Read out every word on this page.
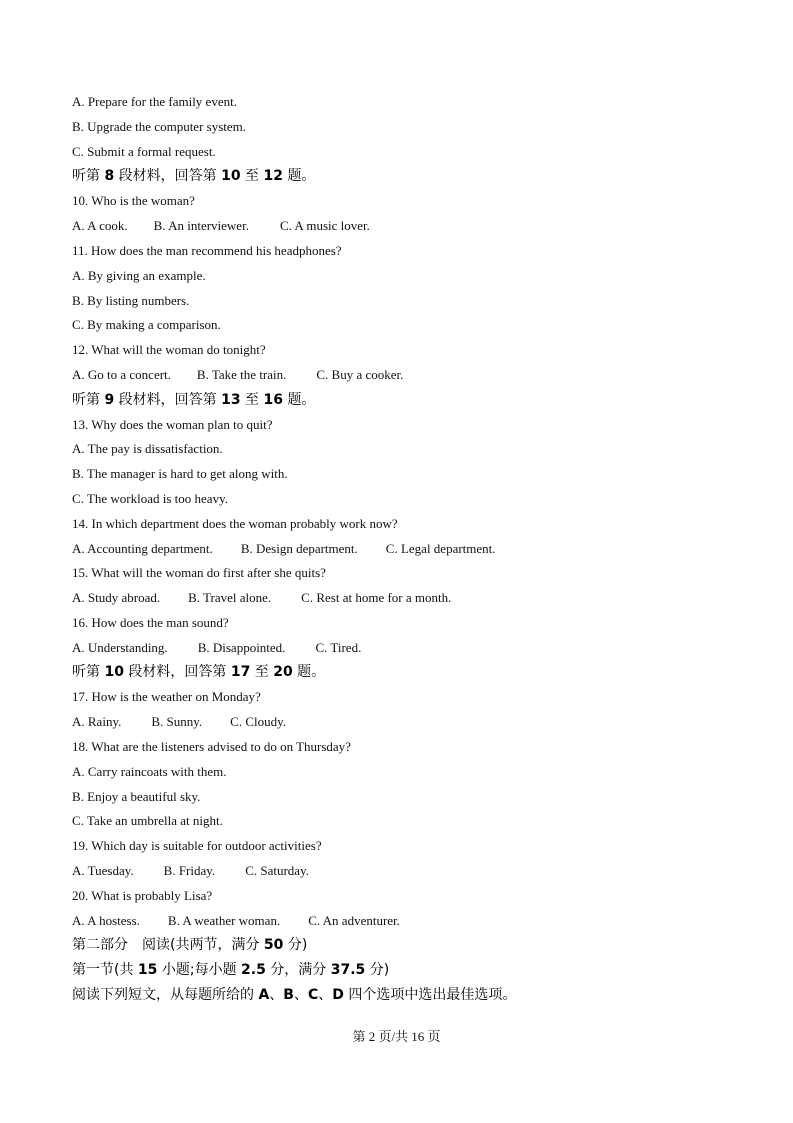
A. Prepare for the family event.
B. Upgrade the computer system.
C. Submit a formal request.
听第 8 段材料，回答第 10 至 12 题。
10. Who is the woman?
A. A cook. B. An interviewer. C. A music lover.
11. How does the man recommend his headphones?
A. By giving an example.
B. By listing numbers.
C. By making a comparison.
12. What will the woman do tonight?
A. Go to a concert. B. Take the train. C. Buy a cooker.
听第 9 段材料，回答第 13 至 16 题。
13. Why does the woman plan to quit?
A. The pay is dissatisfaction.
B. The manager is hard to get along with.
C. The workload is too heavy.
14. In which department does the woman probably work now?
A. Accounting department. B. Design department. C. Legal department.
15. What will the woman do first after she quits?
A. Study abroad. B. Travel alone. C. Rest at home for a month.
16. How does the man sound?
A. Understanding. B. Disappointed. C. Tired.
听第 10 段材料，回答第 17 至 20 题。
17. How is the weather on Monday?
A. Rainy. B. Sunny. C. Cloudy.
18. What are the listeners advised to do on Thursday?
A. Carry raincoats with them.
B. Enjoy a beautiful sky.
C. Take an umbrella at night.
19. Which day is suitable for outdoor activities?
A. Tuesday. B. Friday. C. Saturday.
20. What is probably Lisa?
A. A hostess. B. A weather woman. C. An adventurer.
第二部分　阅读(共两节，满分 50 分)
第一节(共 15 小题;每小题 2.5 分，满分 37.5 分)
阅读下列短文，从每题所给的 A、B、C、D 四个选项中选出最佳选项。
第 2 页/共 16 页
